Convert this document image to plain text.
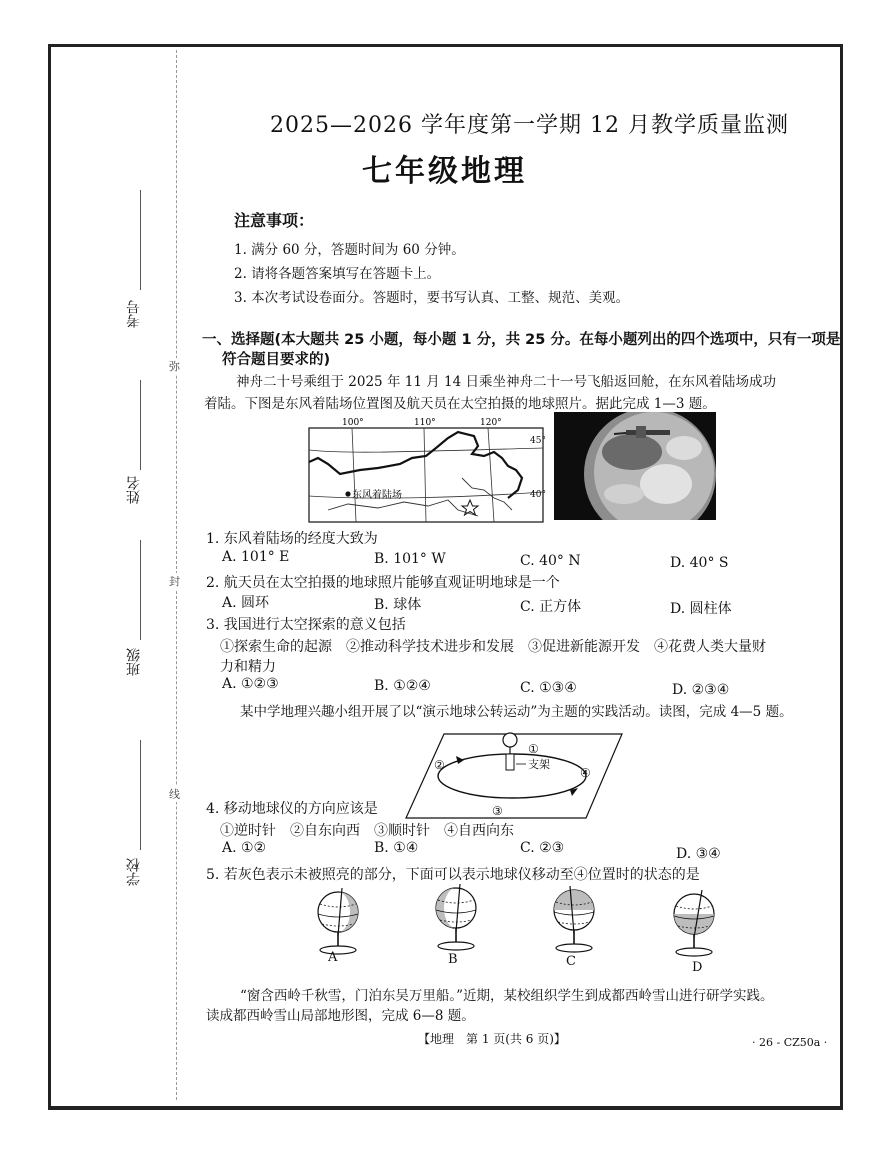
考号
姓名
班级
学校
弥
封
线
2025—2026 学年度第一学期 12 月教学质量监测
七年级地理
注意事项：
1. 满分 60 分，答题时间为 60 分钟。
2. 请将各题答案填写在答题卡上。
3. 本次考试设卷面分。答题时，要书写认真、工整、规范、美观。
一、选择题(本大题共 25 小题，每小题 1 分，共 25 分。在每小题列出的四个选项中，只有一项是
符合题目要求的)
神舟二十号乘组于 2025 年 11 月 14 日乘坐神舟二十一号飞船返回舱，在东风着陆场成功
着陆。下图是东风着陆场位置图及航天员在太空拍摄的地球照片。据此完成 1—3 题。
100°	110°	120°
东风着陆场
45°
40°
1. 东风着陆场的经度大致为
A. 101° E	B. 101° W	C. 40° N	D. 40° S
2. 航天员在太空拍摄的地球照片能够直观证明地球是一个
A. 圆环	B. 球体	C. 正方体	D. 圆柱体
3. 我国进行太空探索的意义包括
①探索生命的起源　②推动科学技术进步和发展　③促进新能源开发　④花费人类大量财
力和精力
A. ①②③	B. ①②④	C. ①③④	D. ②③④
某中学地理兴趣小组开展了以“演示地球公转运动”为主题的实践活动。读图，完成 4—5 题。
①
②
③
④
支架
4. 移动地球仪的方向应该是
①逆时针　②自东向西　③顺时针　④自西向东
A. ①②	B. ①④	C. ②③	D. ③④
5. 若灰色表示未被照亮的部分，下面可以表示地球仪移动至④位置时的状态的是
A	B	C	D
“窗含西岭千秋雪，门泊东吴万里船。”近期，某校组织学生到成都西岭雪山进行研学实践。
读成都西岭雪山局部地形图，完成 6—8 题。
【地理　第 1 页(共 6 页)】	· 26 - CZ50a ·
